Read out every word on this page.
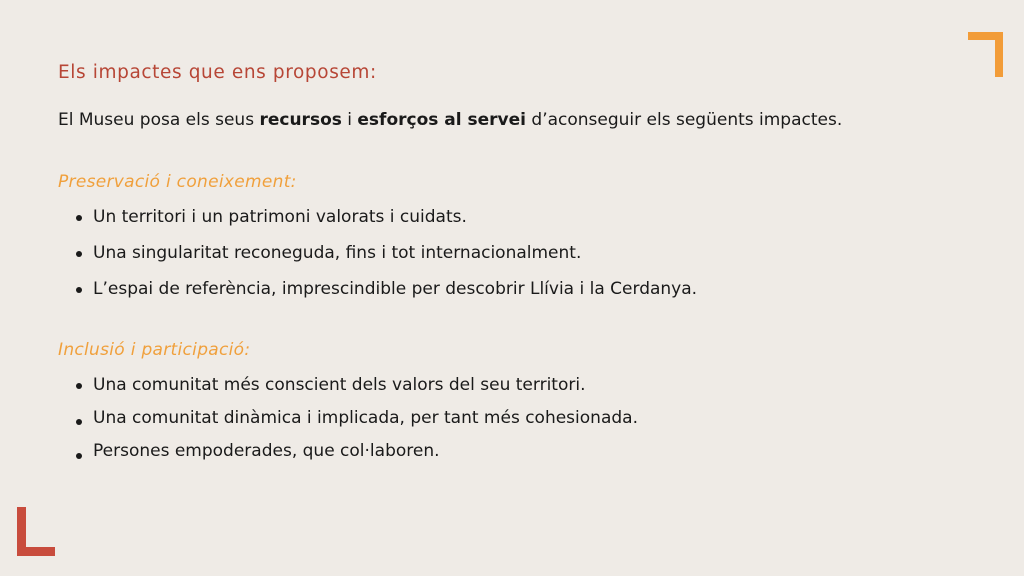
Els impactes que ens proposem:
El Museu posa els seus recursos i esforços al servei d’aconseguir els següents impactes.
Preservació i coneixement:
Un territori i un patrimoni valorats i cuidats.
Una singularitat reconeguda, fins i tot internacionalment.
L’espai de referència, imprescindible per descobrir Llívia i la Cerdanya.
Inclusió i participació:
Una comunitat més conscient dels valors del seu territori.
Una comunitat dinàmica i implicada, per tant més cohesionada.
Persones empoderades, que col·laboren.
